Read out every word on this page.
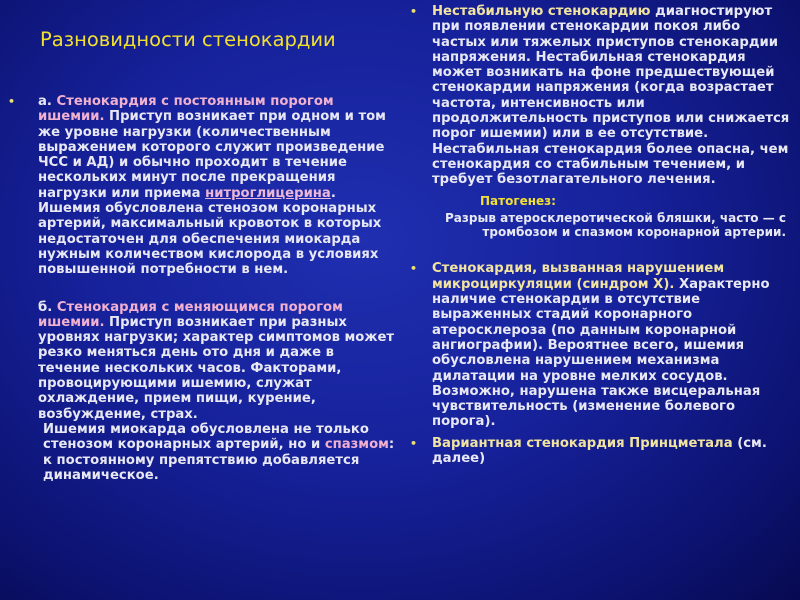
Разновидности стенокардии

• а. Стенокардия с постоянным порогом ишемии. Приступ возникает при одном и том же уровне нагрузки (количественным выражением которого служит произведение ЧСС и АД) и обычно проходит в течение нескольких минут после прекращения нагрузки или приема нитроглицерина. Ишемия обусловлена стенозом коронарных артерий, максимальный кровоток в которых недостаточен для обеспечения миокарда нужным количеством кислорода в условиях повышенной потребности в нем.

б. Стенокардия с меняющимся порогом ишемии. Приступ возникает при разных уровнях нагрузки; характер симптомов может резко меняться день ото дня и даже в течение нескольких часов. Факторами, провоцирующими ишемию, служат охлаждение, прием пищи, курение, возбуждение, страх.

Ишемия миокарда обусловлена не только стенозом коронарных артерий, но и спазмом: к постоянному препятствию добавляется динамическое.

• Нестабильную стенокардию диагностируют при появлении стенокардии покоя либо частых или тяжелых приступов стенокардии напряжения. Нестабильная стенокардия может возникать на фоне предшествующей стенокардии напряжения (когда возрастает частота, интенсивность или продолжительность приступов или снижается порог ишемии) или в ее отсутствие. Нестабильная стенокардия более опасна, чем стенокардия со стабильным течением, и требует безотлагательного лечения.

Патогенез:

Разрыв атеросклеротической бляшки, часто — с тромбозом и спазмом коронарной артерии.

• Стенокардия, вызванная нарушением микроциркуляции (синдром X). Характерно наличие стенокардии в отсутствие выраженных стадий коронарного атеросклероза (по данным коронарной ангиографии). Вероятнее всего, ишемия обусловлена нарушением механизма дилатации на уровне мелких сосудов. Возможно, нарушена также висцеральная чувствительность (изменение болевого порога).

• Вариантная стенокардия Принцметала (см. далее)
